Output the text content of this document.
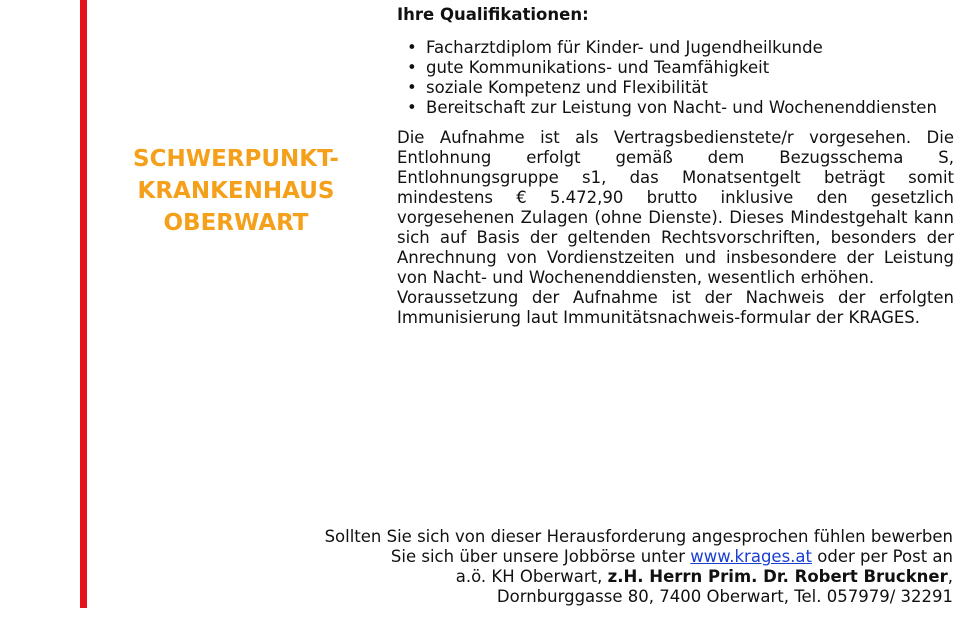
SCHWERPUNKT-
KRANKENHAUS
OBERWART
Ihre Qualifikationen:
• Facharztdiplom für Kinder- und Jugendheilkunde
• gute Kommunikations- und Teamfähigkeit
• soziale Kompetenz und Flexibilität
• Bereitschaft zur Leistung von Nacht- und Wochenenddiensten
Die Aufnahme ist als Vertragsbedienstete/r vorgesehen. Die Entlohnung erfolgt gemäß dem Bezugsschema S, Entlohnungsgruppe s1, das Monatsentgelt beträgt somit mindestens € 5.472,90 brutto inklusive den gesetzlich vorgesehenen Zulagen (ohne Dienste). Dieses Mindestgehalt kann sich auf Basis der geltenden Rechtsvorschriften, besonders der Anrechnung von Vordienstzeiten und insbesondere der Leistung von Nacht- und Wochenenddiensten, wesentlich erhöhen.
Voraussetzung der Aufnahme ist der Nachweis der erfolgten Immunisierung laut Immunitätsnachweis-formular der KRAGES.
Sollten Sie sich von dieser Herausforderung angesprochen fühlen bewerben
Sie sich über unsere Jobbörse unter www.krages.at oder per Post an
a.ö. KH Oberwart, z.H. Herrn Prim. Dr. Robert Bruckner,
Dornburggasse 80, 7400 Oberwart, Tel. 057979/ 32291
